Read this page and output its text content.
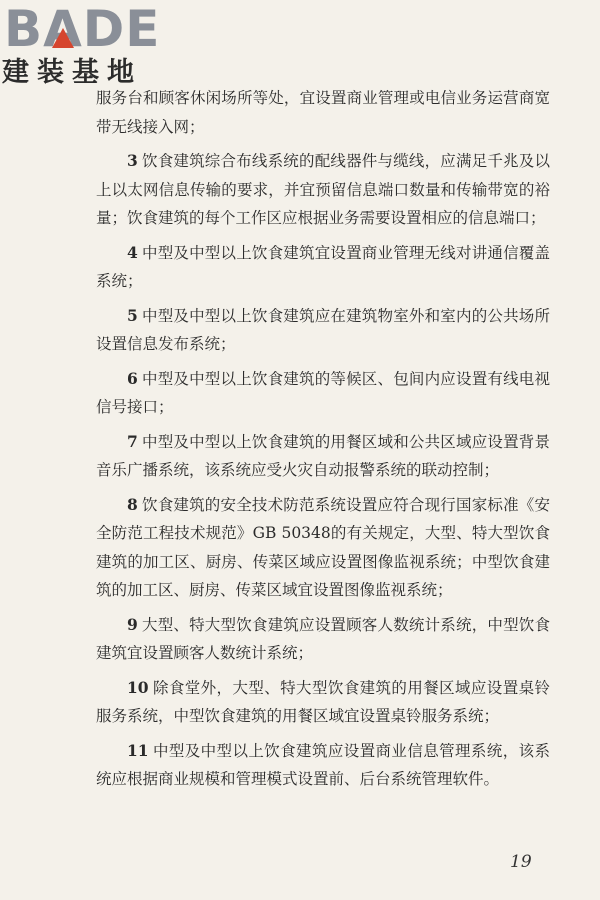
BADE
建装基地

服务台和顾客休闲场所等处，宜设置商业管理或电信业务运营商宽带无线接入网；

3 饮食建筑综合布线系统的配线器件与缆线，应满足千兆及以上以太网信息传输的要求，并宜预留信息端口数量和传输带宽的裕量；饮食建筑的每个工作区应根据业务需要设置相应的信息端口；

4 中型及中型以上饮食建筑宜设置商业管理无线对讲通信覆盖系统；

5 中型及中型以上饮食建筑应在建筑物室外和室内的公共场所设置信息发布系统；

6 中型及中型以上饮食建筑的等候区、包间内应设置有线电视信号接口；

7 中型及中型以上饮食建筑的用餐区域和公共区域应设置背景音乐广播系统，该系统应受火灾自动报警系统的联动控制；

8 饮食建筑的安全技术防范系统设置应符合现行国家标准《安全防范工程技术规范》GB 50348的有关规定，大型、特大型饮食建筑的加工区、厨房、传菜区域应设置图像监视系统；中型饮食建筑的加工区、厨房、传菜区域宜设置图像监视系统；

9 大型、特大型饮食建筑应设置顾客人数统计系统，中型饮食建筑宜设置顾客人数统计系统；

10 除食堂外，大型、特大型饮食建筑的用餐区域应设置桌铃服务系统，中型饮食建筑的用餐区域宜设置桌铃服务系统；

11 中型及中型以上饮食建筑应设置商业信息管理系统，该系统应根据商业规模和管理模式设置前、后台系统管理软件。

19
